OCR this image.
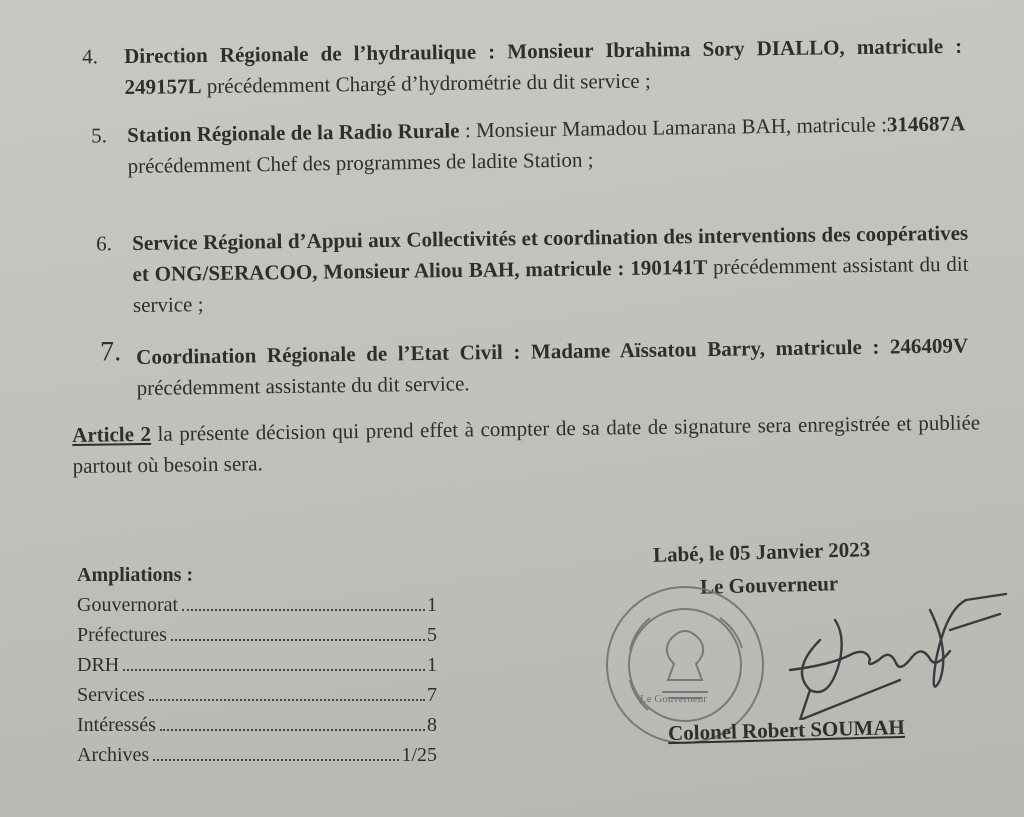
4. Direction Régionale de l’hydraulique : Monsieur Ibrahima Sory DIALLO, matricule : 249157L précédemment Chargé d’hydrométrie du dit service ;
5. Station Régionale de la Radio Rurale : Monsieur Mamadou Lamarana BAH, matricule :314687A précédemment Chef des programmes de ladite Station ;
6. Service Régional d’Appui aux Collectivités et coordination des interventions des coopératives et ONG/SERACOO, Monsieur Aliou BAH, matricule : 190141T précédemment assistant du dit service ;
7. Coordination Régionale de l’Etat Civil : Madame Aïssatou Barry, matricule : 246409V précédemment assistante du dit service.
Article 2 la présente décision qui prend effet à compter de sa date de signature sera enregistrée et publiée partout où besoin sera.
Ampliations :
Gouvernorat	1
Préfectures	5
DRH	1
Services	7
Intéressés	8
Archives	1/25
Labé, le 05 Janvier 2023
Le Gouverneur
Le Gouverneur
Colonel Robert SOUMAH
